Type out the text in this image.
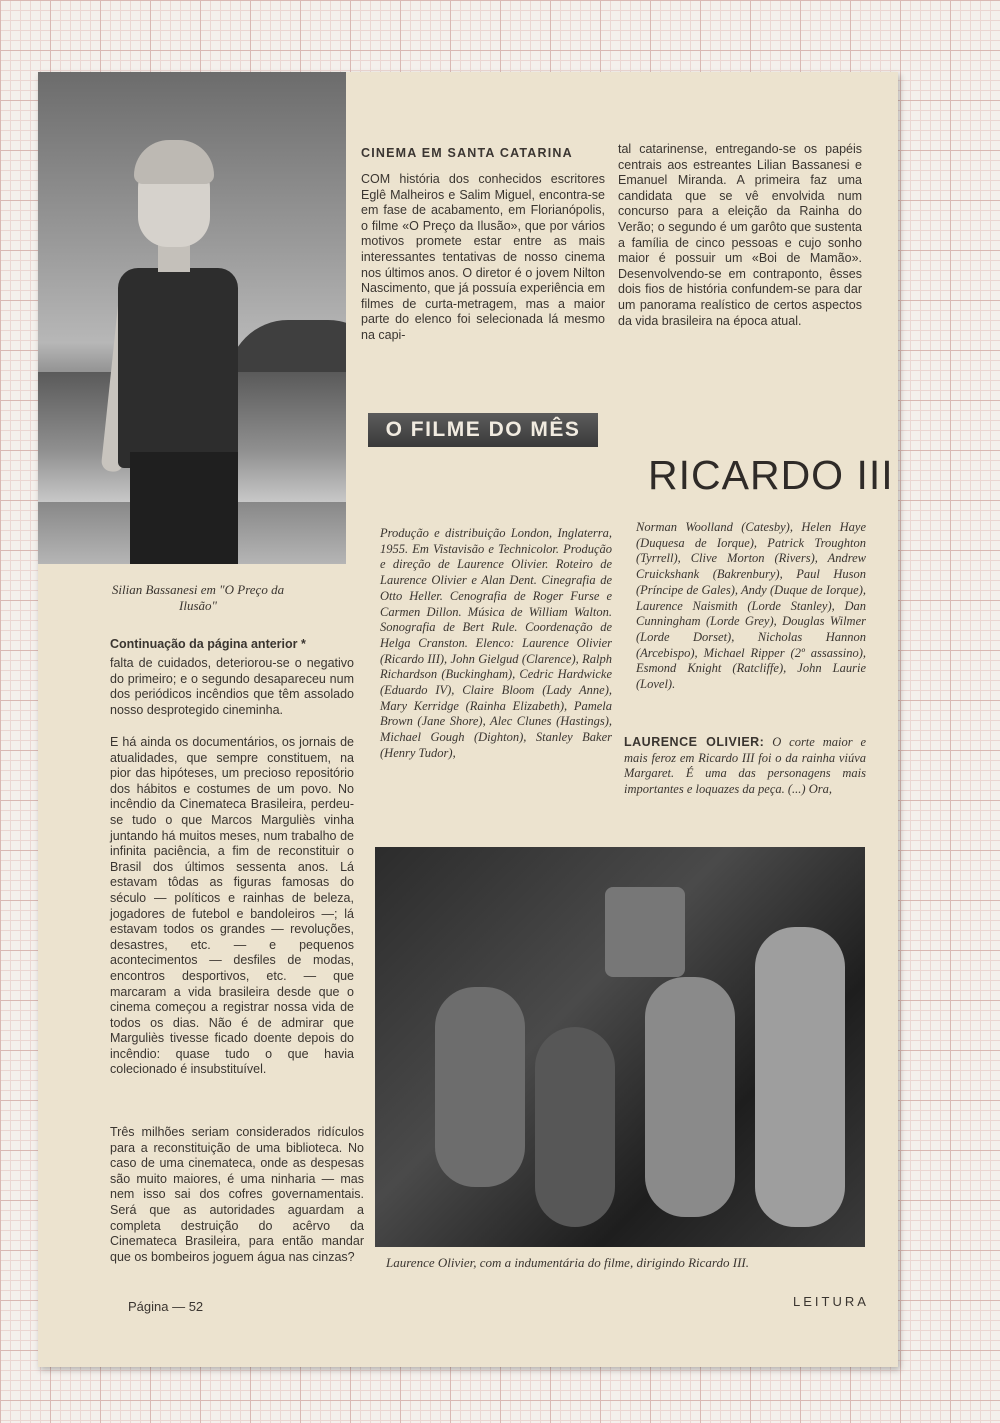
Silian Bassanesi em "O Preço da Ilusão"
CINEMA EM SANTA CATARINA
COM história dos conhecidos escritores Eglê Malheiros e Salim Miguel, encontra-se em fase de acabamento, em Florianópolis, o filme «O Preço da Ilusão», que por vários motivos promete estar entre as mais interessantes tentativas de nosso cinema nos últimos anos. O diretor é o jovem Nilton Nascimento, que já possuía experiência em filmes de curta-metragem, mas a maior parte do elenco foi selecionada lá mesmo na capi-
tal catarinense, entregando-se os papéis centrais aos estreantes Lilian Bassanesi e Emanuel Miranda. A primeira faz uma candidata que se vê envolvida num concurso para a eleição da Rainha do Verão; o segundo é um garôto que sustenta a família de cinco pessoas e cujo sonho maior é possuir um «Boi de Mamão». Desenvolvendo-se em contraponto, êsses dois fios de história confundem-se para dar um panorama realístico de certos aspectos da vida brasileira na época atual.
O FILME DO MÊS
RICARDO III
Produção e distribuição London, Inglaterra, 1955. Em Vistavisão e Technicolor. Produção e direção de Laurence Olivier. Roteiro de Laurence Olivier e Alan Dent. Cinegrafia de Otto Heller. Cenografia de Roger Furse e Carmen Dillon. Música de William Walton. Sonografia de Bert Rule. Coordenação de Helga Cranston. Elenco: Laurence Olivier (Ricardo III), John Gielgud (Clarence), Ralph Richardson (Buckingham), Cedric Hardwicke (Eduardo IV), Claire Bloom (Lady Anne), Mary Kerridge (Rainha Elizabeth), Pamela Brown (Jane Shore), Alec Clunes (Hastings), Michael Gough (Dighton), Stanley Baker (Henry Tudor),
Norman Woolland (Catesby), Helen Haye (Duquesa de Iorque), Patrick Troughton (Tyrrell), Clive Morton (Rivers), Andrew Cruickshank (Bakrenbury), Paul Huson (Príncipe de Gales), Andy (Duque de Iorque), Laurence Naismith (Lorde Stanley), Dan Cunningham (Lorde Grey), Douglas Wilmer (Lorde Dorset), Nicholas Hannon (Arcebispo), Michael Ripper (2º assassino), Esmond Knight (Ratcliffe), John Laurie (Lovel).
LAURENCE OLIVIER: O corte maior e mais feroz em Ricardo III foi o da rainha viúva Margaret. É uma das personagens mais importantes e loquazes da peça. (...) Ora,
Continuação da página anterior *
falta de cuidados, deteriorou-se o negativo do primeiro; e o segundo desapareceu num dos periódicos incêndios que têm assolado nosso desprotegido cineminha.
E há ainda os documentários, os jornais de atualidades, que sempre constituem, na pior das hipóteses, um precioso repositório dos hábitos e costumes de um povo. No incêndio da Cinemateca Brasileira, perdeu-se tudo o que Marcos Marguliès vinha juntando há muitos meses, num trabalho de infinita paciência, a fim de reconstituir o Brasil dos últimos sessenta anos. Lá estavam tôdas as figuras famosas do século — políticos e rainhas de beleza, jogadores de futebol e bandoleiros —; lá estavam todos os grandes — revoluções, desastres, etc. — e pequenos acontecimentos — desfiles de modas, encontros desportivos, etc. — que marcaram a vida brasileira desde que o cinema começou a registrar nossa vida de todos os dias. Não é de admirar que Marguliès tivesse ficado doente depois do incêndio: quase tudo o que havia colecionado é insubstituível.
Três milhões seriam considerados ridículos para a reconstituição de uma biblioteca. No caso de uma cinemateca, onde as despesas são muito maiores, é uma ninharia — mas nem isso sai dos cofres governamentais. Será que as autoridades aguardam a completa destruição do acêrvo da Cinemateca Brasileira, para então mandar que os bombeiros joguem água nas cinzas?	Laurence Olivier, com a indumentária do filme, dirigindo Ricardo III.
Página — 52	LEITURA
